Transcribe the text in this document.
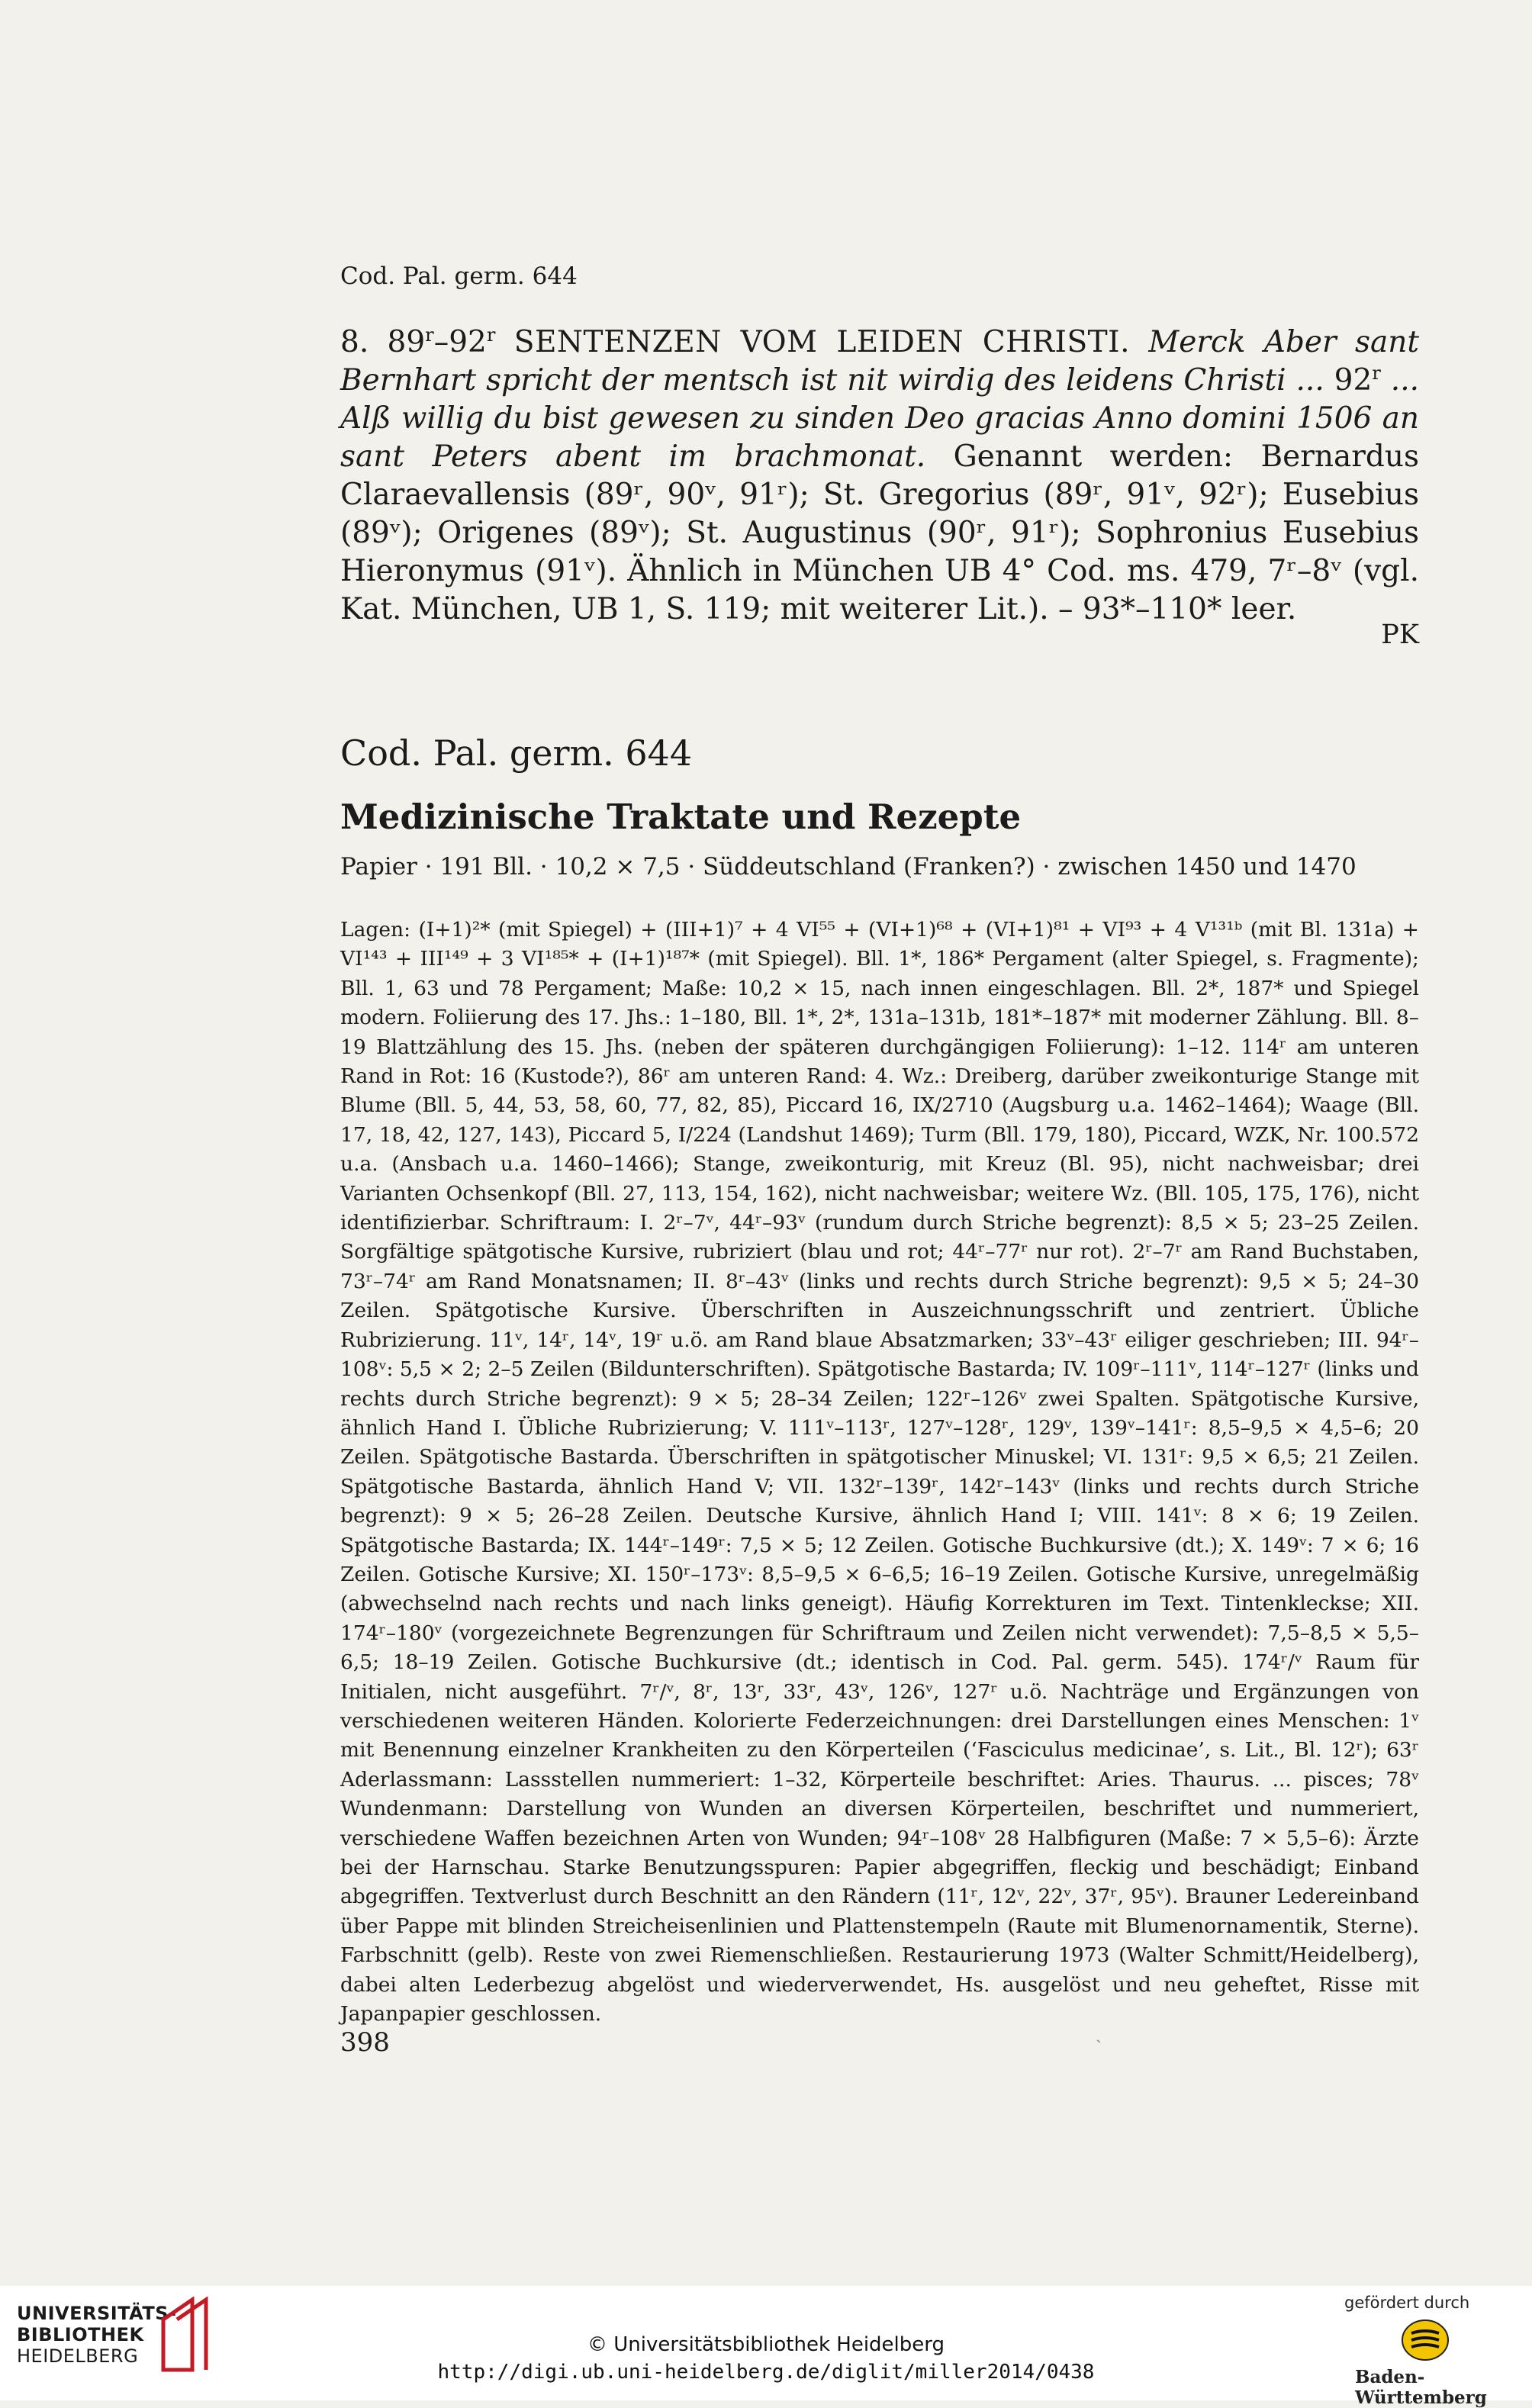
Cod. Pal. germ. 644
8. 89$^r$–92$^r$ SENTENZEN VOM LEIDEN CHRISTI. Merck Aber sant Bernhart spricht der mentsch ist nit wirdig des leidens Christi ... 92$^r$ ... Alß willig du bist gewesen zu sinden Deo gracias Anno domini 1506 an sant Peters abent im brachmonat. Genannt werden: Bernardus Claraevallensis (89ʳ, 90ᵛ, 91ʳ); St. Gregorius (89ʳ, 91ᵛ, 92ʳ); Eusebius (89ᵛ); Origenes (89ᵛ); St. Augustinus (90ʳ, 91ʳ); Sophronius Eusebius Hieronymus (91ᵛ). Ähnlich in München UB 4° Cod. ms. 479, 7ʳ–8ᵛ (vgl. Kat. München, UB 1, S. 119; mit weiterer Lit.). – 93*–110* leer.
PK
Cod. Pal. germ. 644
Medizinische Traktate und Rezepte
Papier · 191 Bll. · 10,2 × 7,5 · Süddeutschland (Franken?) · zwischen 1450 und 1470
Lagen: (I+1)²* (mit Spiegel) + (III+1)⁷ + 4 VI⁵⁵ + (VI+1)⁶⁸ + (VI+1)⁸¹ + VI⁹³ + 4 V¹³¹ᵇ (mit Bl. 131a) + VI¹⁴³ + III¹⁴⁹ + 3 VI¹⁸⁵* + (I+1)¹⁸⁷* (mit Spiegel). Bll. 1*, 186* Pergament (alter Spiegel, s. Fragmente); Bll. 1, 63 und 78 Pergament; Maße: 10,2 × 15, nach innen eingeschlagen. Bll. 2*, 187* und Spiegel modern. Foliierung des 17. Jhs.: 1–180, Bll. 1*, 2*, 131a–131b, 181*–187* mit moderner Zählung. Bll. 8–19 Blattzählung des 15. Jhs. (neben der späteren durchgängigen Foliierung): 1–12. 114ʳ am unteren Rand in Rot: 16 (Kustode?), 86ʳ am unteren Rand: 4. Wz.: Dreiberg, darüber zweikonturige Stange mit Blume (Bll. 5, 44, 53, 58, 60, 77, 82, 85), Piccard 16, IX/2710 (Augsburg u.a. 1462–1464); Waage (Bll. 17, 18, 42, 127, 143), Piccard 5, I/224 (Landshut 1469); Turm (Bll. 179, 180), Piccard, WZK, Nr. 100.572 u.a. (Ansbach u.a. 1460–1466); Stange, zweikonturig, mit Kreuz (Bl. 95), nicht nachweisbar; drei Varianten Ochsenkopf (Bll. 27, 113, 154, 162), nicht nachweisbar; weitere Wz. (Bll. 105, 175, 176), nicht identifizierbar. Schriftraum: I. 2ʳ–7ᵛ, 44ʳ–93ᵛ (rundum durch Striche begrenzt): 8,5 × 5; 23–25 Zeilen. Sorgfältige spätgotische Kursive, rubriziert (blau und rot; 44ʳ–77ʳ nur rot). 2ʳ–7ʳ am Rand Buchstaben, 73ʳ–74ʳ am Rand Monatsnamen; II. 8ʳ–43ᵛ (links und rechts durch Striche begrenzt): 9,5 × 5; 24–30 Zeilen. Spätgotische Kursive. Überschriften in Auszeichnungsschrift und zentriert. Übliche Rubrizierung. 11ᵛ, 14ʳ, 14ᵛ, 19ʳ u.ö. am Rand blaue Absatzmarken; 33ᵛ–43ʳ eiliger geschrieben; III. 94ʳ–108ᵛ: 5,5 × 2; 2–5 Zeilen (Bildunterschriften). Spätgotische Bastarda; IV. 109ʳ–111ᵛ, 114ʳ–127ʳ (links und rechts durch Striche begrenzt): 9 × 5; 28–34 Zeilen; 122ʳ–126ᵛ zwei Spalten. Spätgotische Kursive, ähnlich Hand I. Übliche Rubrizierung; V. 111ᵛ–113ʳ, 127ᵛ–128ʳ, 129ᵛ, 139ᵛ–141ʳ: 8,5–9,5 × 4,5–6; 20 Zeilen. Spätgotische Bastarda. Überschriften in spätgotischer Minuskel; VI. 131ʳ: 9,5 × 6,5; 21 Zeilen. Spätgotische Bastarda, ähnlich Hand V; VII. 132ʳ–139ʳ, 142ʳ–143ᵛ (links und rechts durch Striche begrenzt): 9 × 5; 26–28 Zeilen. Deutsche Kursive, ähnlich Hand I; VIII. 141ᵛ: 8 × 6; 19 Zeilen. Spätgotische Bastarda; IX. 144ʳ–149ʳ: 7,5 × 5; 12 Zeilen. Gotische Buchkursive (dt.); X. 149ᵛ: 7 × 6; 16 Zeilen. Gotische Kursive; XI. 150ʳ–173ᵛ: 8,5–9,5 × 6–6,5; 16–19 Zeilen. Gotische Kursive, unregelmäßig (abwechselnd nach rechts und nach links geneigt). Häufig Korrekturen im Text. Tintenkleckse; XII. 174ʳ–180ᵛ (vorgezeichnete Begrenzungen für Schriftraum und Zeilen nicht verwendet): 7,5–8,5 × 5,5–6,5; 18–19 Zeilen. Gotische Buchkursive (dt.; identisch in Cod. Pal. germ. 545). 174ʳ/ᵛ Raum für Initialen, nicht ausgeführt. 7ʳ/ᵛ, 8ʳ, 13ʳ, 33ʳ, 43ᵛ, 126ᵛ, 127ʳ u.ö. Nachträge und Ergänzungen von verschiedenen weiteren Händen. Kolorierte Federzeichnungen: drei Darstellungen eines Menschen: 1ᵛ mit Benennung einzelner Krankheiten zu den Körperteilen (‘Fasciculus medicinae’, s. Lit., Bl. 12ʳ); 63ʳ Aderlassmann: Lassstellen nummeriert: 1–32, Körperteile beschriftet: Aries. Thaurus. ... pisces; 78ᵛ Wundenmann: Darstellung von Wunden an diversen Körperteilen, beschriftet und nummeriert, verschiedene Waffen bezeichnen Arten von Wunden; 94ʳ–108ᵛ 28 Halbfiguren (Maße: 7 × 5,5–6): Ärzte bei der Harnschau. Starke Benutzungsspuren: Papier abgegriffen, fleckig und beschädigt; Einband abgegriffen. Textverlust durch Beschnitt an den Rändern (11ʳ, 12ᵛ, 22ᵛ, 37ʳ, 95ᵛ). Brauner Ledereinband über Pappe mit blinden Streicheisenlinien und Plattenstempeln (Raute mit Blumenornamentik, Sterne). Farbschnitt (gelb). Reste von zwei Riemenschließen. Restaurierung 1973 (Walter Schmitt/Heidelberg), dabei alten Lederbezug abgelöst und wiederverwendet, Hs. ausgelöst und neu geheftet, Risse mit Japanpapier geschlossen.
398	ˏ
UNIVERSITÄTS-
BIBLIOTHEK
HEIDELBERG	© Universitätsbibliothek Heidelberg
http://digi.ub.uni-heidelberg.de/diglit/miller2014/0438
gefördert durch
Baden-Württemberg
